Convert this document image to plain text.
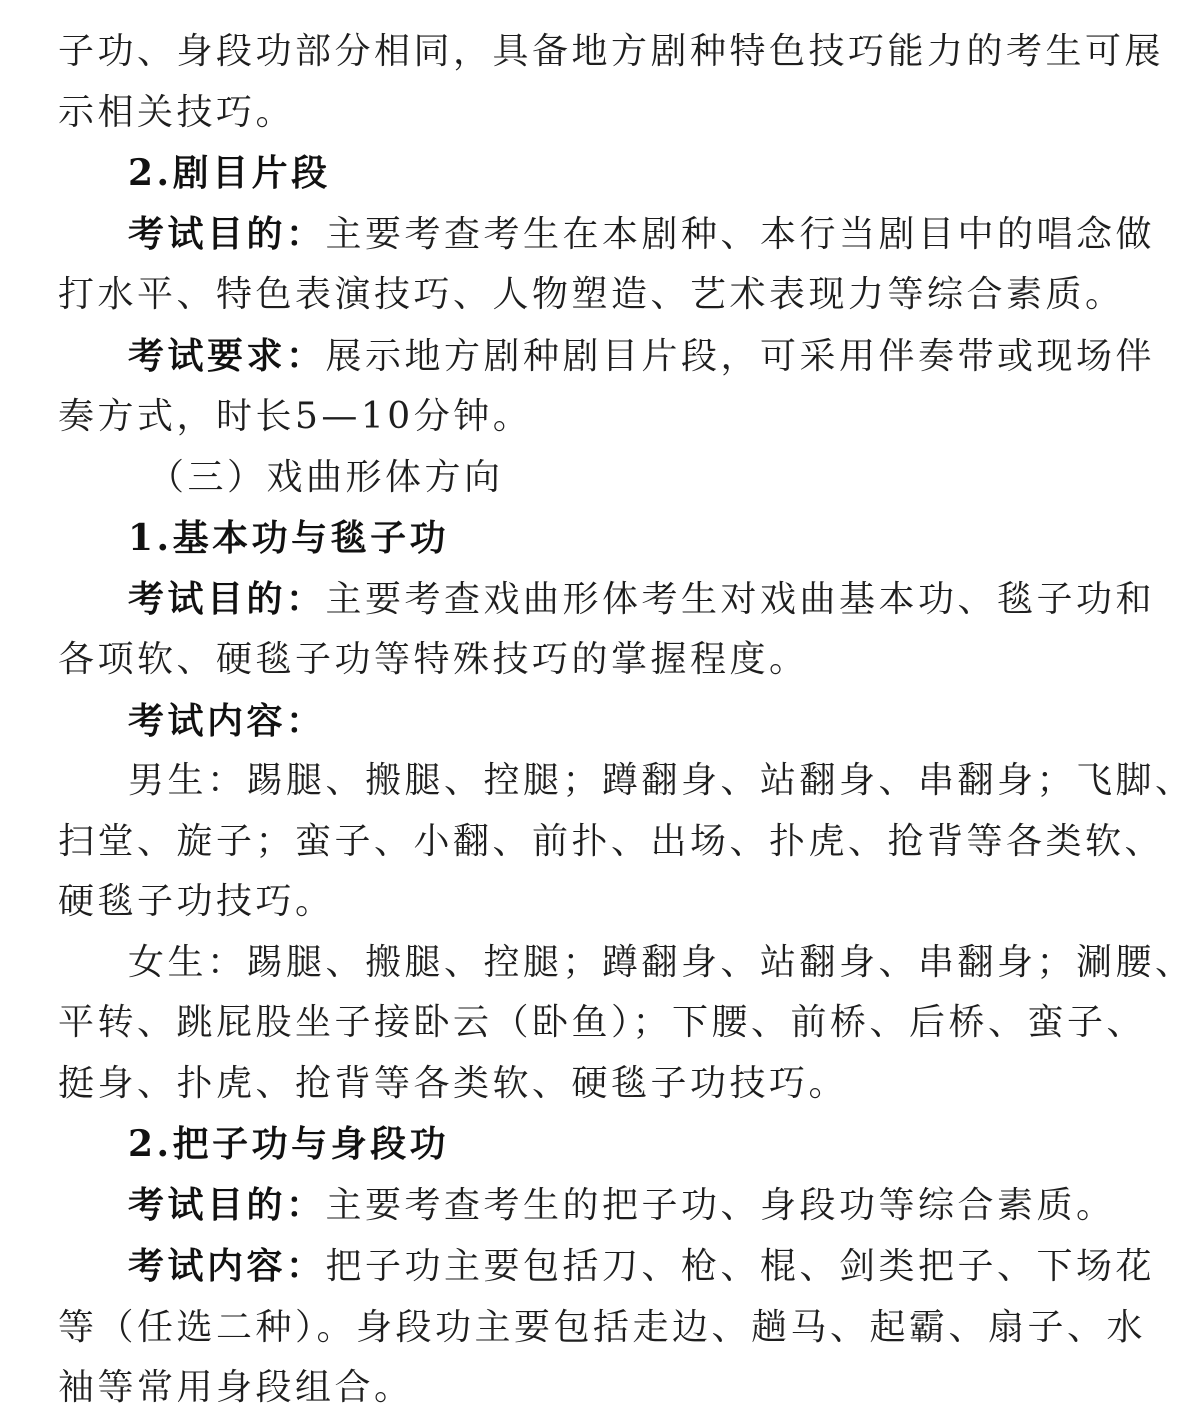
子功、身段功部分相同，具备地方剧种特色技巧能力的考生可展

示相关技巧。

2.剧目片段

考试目的：主要考查考生在本剧种、本行当剧目中的唱念做

打水平、特色表演技巧、人物塑造、艺术表现力等综合素质。

考试要求：展示地方剧种剧目片段，可采用伴奏带或现场伴

奏方式，时长5—10分钟。

（三）戏曲形体方向

1.基本功与毯子功

考试目的：主要考查戏曲形体考生对戏曲基本功、毯子功和

各项软、硬毯子功等特殊技巧的掌握程度。

考试内容：

男生：踢腿、搬腿、控腿；蹲翻身、站翻身、串翻身；飞脚、

扫堂、旋子；蛮子、小翻、前扑、出场、扑虎、抢背等各类软、

硬毯子功技巧。

女生：踢腿、搬腿、控腿；蹲翻身、站翻身、串翻身；涮腰、

平转、跳屁股坐子接卧云（卧鱼）；下腰、前桥、后桥、蛮子、

挺身、扑虎、抢背等各类软、硬毯子功技巧。

2.把子功与身段功

考试目的：主要考查考生的把子功、身段功等综合素质。

考试内容：把子功主要包括刀、枪、棍、剑类把子、下场花

等（任选二种）。身段功主要包括走边、趟马、起霸、扇子、水

袖等常用身段组合。
